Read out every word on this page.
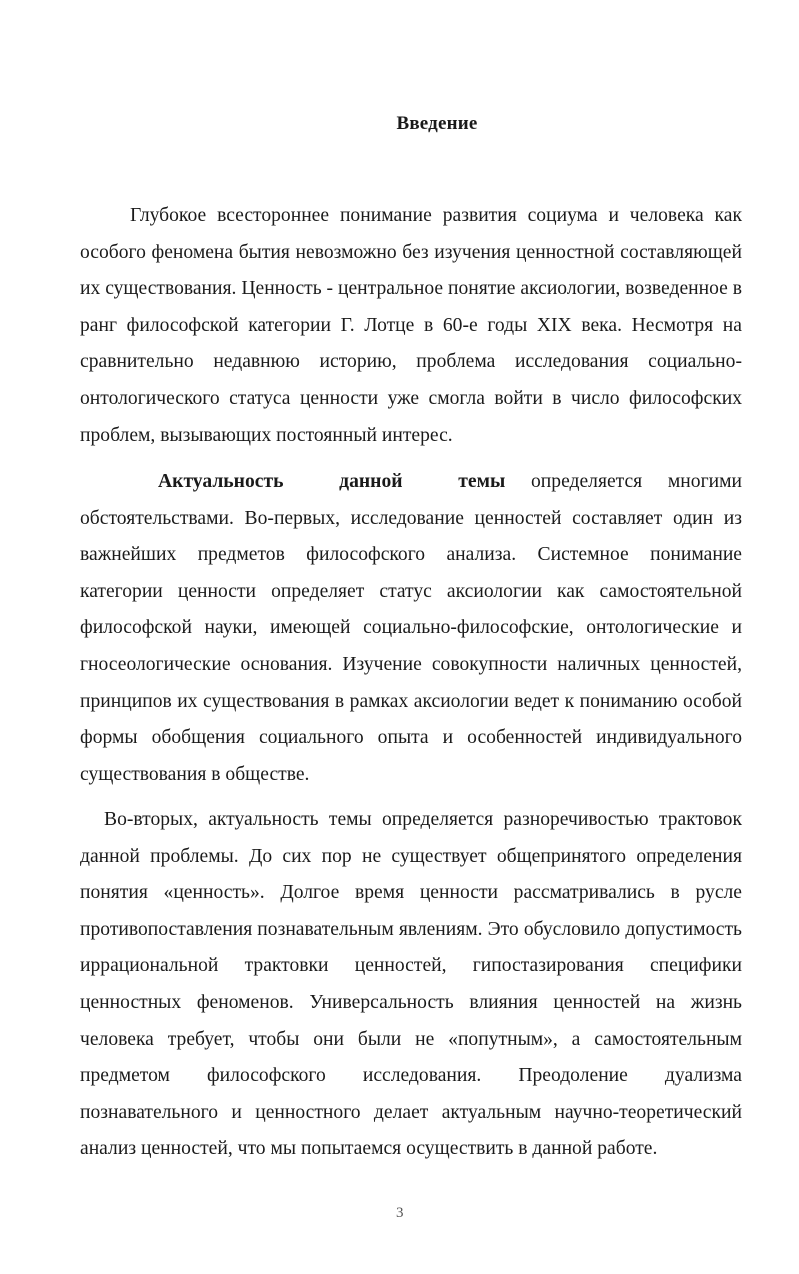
Введение

Глубокое всестороннее понимание развития социума и человека как особого феномена бытия невозможно без изучения ценностной составляющей их существования. Ценность - центральное понятие аксиологии, возведенное в ранг философской категории Г. Лотце в 60-е годы XIX века. Несмотря на сравнительно недавнюю историю, проблема исследования социально-онтологического статуса ценности уже смогла войти в число философских проблем, вызывающих постоянный интерес.

Актуальность данной темы определяется многими обстоятельствами. Во-первых, исследование ценностей составляет один из важнейших предметов философского анализа. Системное понимание категории ценности определяет статус аксиологии как самостоятельной философской науки, имеющей социально-философские, онтологические и гносеологические основания. Изучение совокупности наличных ценностей, принципов их существования в рамках аксиологии ведет к пониманию особой формы обобщения социального опыта и особенностей индивидуального существования в обществе.

Во-вторых, актуальность темы определяется разноречивостью трактовок данной проблемы. До сих пор не существует общепринятого определения понятия «ценность». Долгое время ценности рассматривались в русле противопоставления познавательным явлениям. Это обусловило допустимость иррациональной трактовки ценностей, гипостазирования специфики ценностных феноменов. Универсальность влияния ценностей на жизнь человека требует, чтобы они были не «попутным», а самостоятельным предметом философского исследования. Преодоление дуализма познавательного и ценностного делает актуальным научно-теоретический анализ ценностей, что мы попытаемся осуществить в данной работе.

3
